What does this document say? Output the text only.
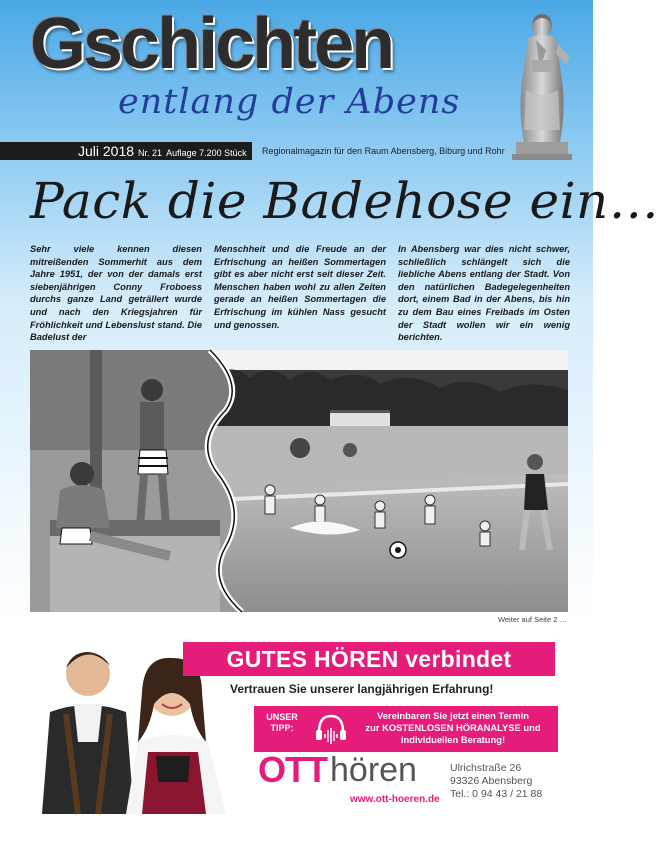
Gschichten
entlang der Abens
Juli 2018 Nr. 21 Auflage 7.200 Stück Regionalmagazin für den Raum Abensberg, Biburg und Rohr
Pack die Badehose ein…
Sehr viele kennen diesen mitreißenden Sommerhit aus dem Jahre 1951, der von der damals erst siebenjährigen Conny Froboess durchs ganze Land geträllert wurde und nach den Kriegsjahren für Fröhlichkeit und Lebenslust stand. Die Badelust der
Menschheit und die Freude an der Erfrischung an heißen Sommertagen gibt es aber nicht erst seit dieser Zeit. Menschen haben wohl zu allen Zeiten gerade an heißen Sommertagen die Erfrischung im kühlen Nass gesucht und genossen.
In Abensberg war dies nicht schwer, schließlich schlängelt sich die liebliche Abens entlang der Stadt. Von den natürlichen Badegelegenheiten dort, einem Bad in der Abens, bis hin zu dem Bau eines Freibads im Osten der Stadt wollen wir ein wenig berichten.
Weiter auf Seite 2 …
GUTES HÖREN verbindet
Vertrauen Sie unserer langjährigen Erfahrung!
UNSER
TIPP:
Vereinbaren Sie jetzt einen Termin
zur KOSTENLOSEN HÖRANALYSE und
individuellen Beratung!
OTT hören
www.ott-hoeren.de
Ulrichstraße 26
93326 Abensberg
Tel.: 0 94 43 / 21 88
